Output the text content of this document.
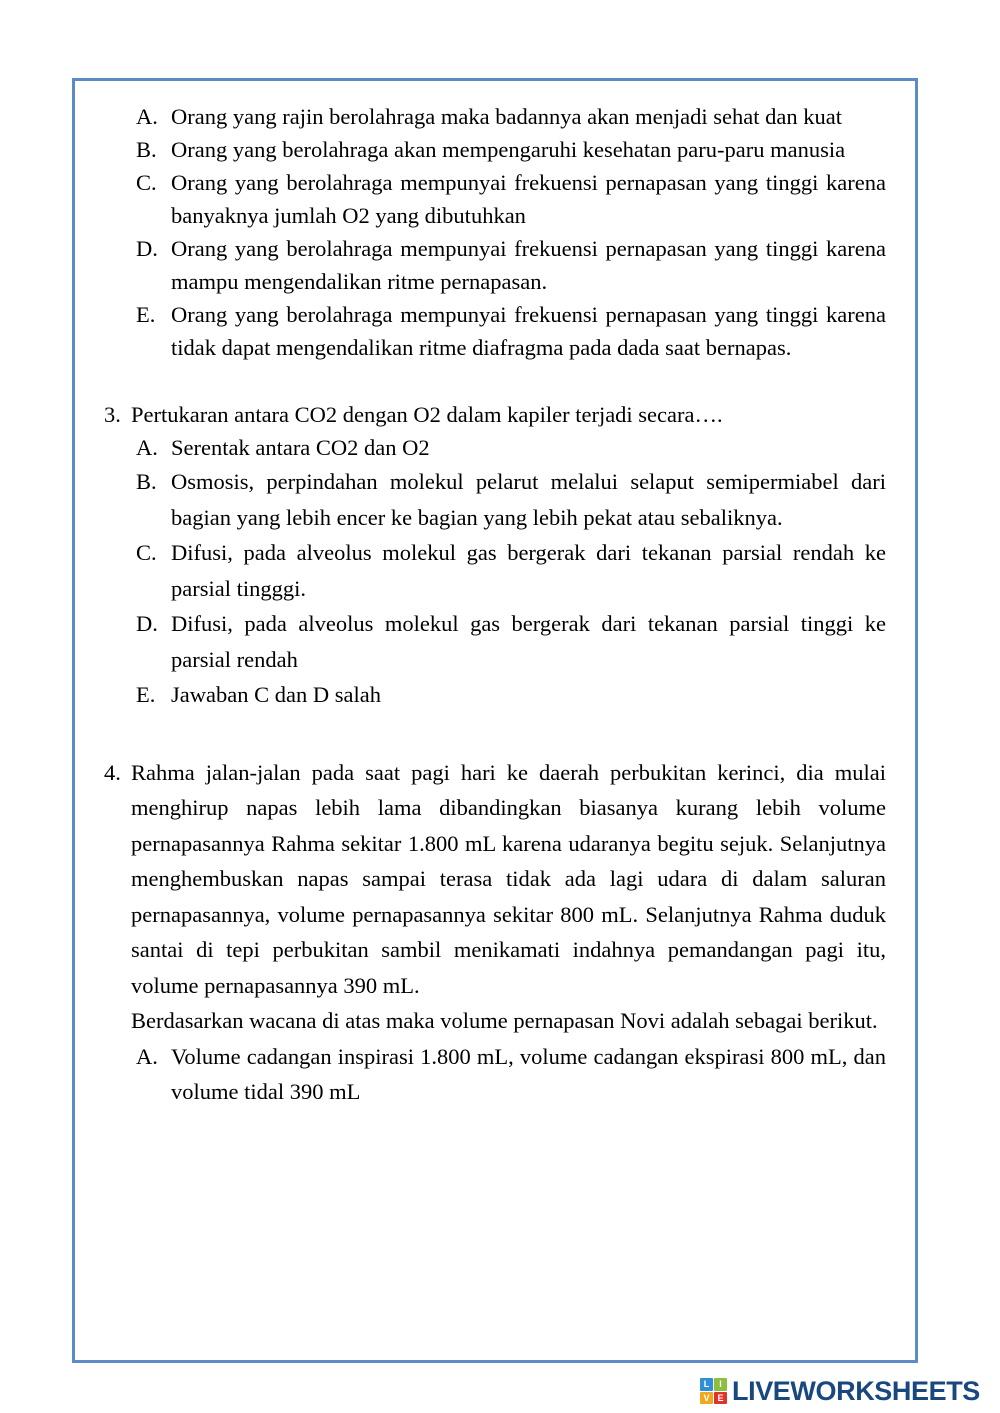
A. Orang yang rajin berolahraga maka badannya akan menjadi sehat dan kuat
B. Orang yang berolahraga akan mempengaruhi kesehatan paru-paru manusia
C. Orang yang berolahraga mempunyai frekuensi pernapasan yang tinggi karena banyaknya jumlah O2 yang dibutuhkan
D. Orang yang berolahraga mempunyai frekuensi pernapasan yang tinggi karena mampu mengendalikan ritme pernapasan.
E. Orang yang berolahraga mempunyai frekuensi pernapasan yang tinggi karena tidak dapat mengendalikan ritme diafragma pada dada saat bernapas.
3. Pertukaran antara CO2 dengan O2 dalam kapiler terjadi secara….
A. Serentak antara CO2 dan O2
B. Osmosis, perpindahan molekul pelarut melalui selaput semipermiabel dari bagian yang lebih encer ke bagian yang lebih pekat atau sebaliknya.
C. Difusi, pada alveolus molekul gas bergerak dari tekanan parsial rendah ke parsial tingggi.
D. Difusi, pada alveolus molekul gas bergerak dari tekanan parsial tinggi ke parsial rendah
E. Jawaban C dan D salah
4. Rahma jalan-jalan pada saat pagi hari ke daerah perbukitan kerinci, dia mulai menghirup napas lebih lama dibandingkan biasanya kurang lebih volume pernapasannya Rahma sekitar 1.800 mL karena udaranya begitu sejuk. Selanjutnya menghembuskan napas sampai terasa tidak ada lagi udara di dalam saluran pernapasannya, volume pernapasannya sekitar 800 mL. Selanjutnya Rahma duduk santai di tepi perbukitan sambil menikamati indahnya pemandangan pagi itu, volume pernapasannya 390 mL.
Berdasarkan wacana di atas maka volume pernapasan Novi adalah sebagai berikut.
A. Volume cadangan inspirasi 1.800 mL, volume cadangan ekspirasi 800 mL, dan volume tidal 390 mL
L	I
V E LIVEWORKSHEETS
